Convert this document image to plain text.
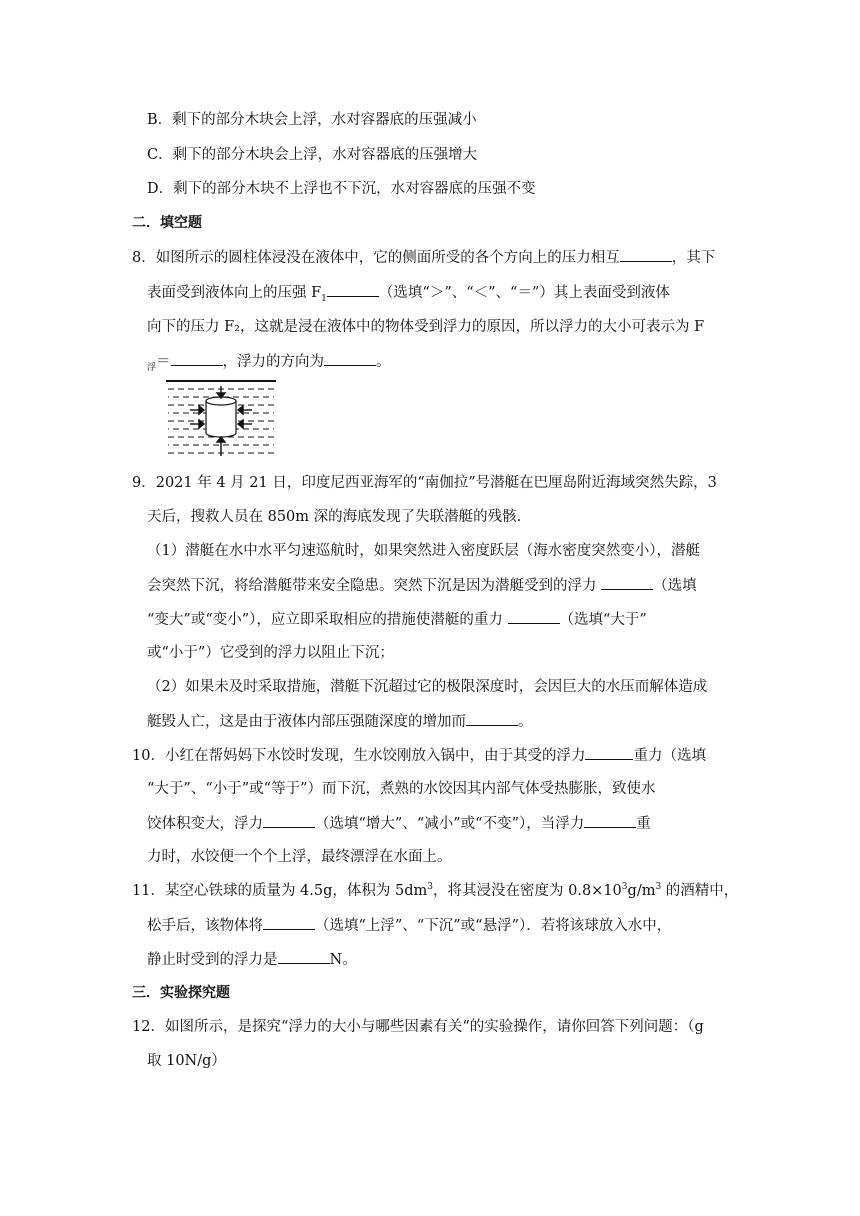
B．剩下的部分木块会上浮，水对容器底的压强减小
C．剩下的部分木块会上浮，水对容器底的压强增大
D．剩下的部分木块不上浮也不下沉，水对容器底的压强不变
二．填空题
8．如图所示的圆柱体浸没在液体中，它的侧面所受的各个方向上的压力相互	，其下
表面受到液体向上的压强 $F_1$	（选填“＞”、“＜”、“＝”）其上表面受到液体
向下的压力 F₂，这就是浸在液体中的物体受到浮力的原因，所以浮力的大小可表示为 F
$_浮$＝	，浮力的方向为	。
9．2021 年 4 月 21 日，印度尼西亚海军的“南伽拉”号潜艇在巴厘岛附近海域突然失踪，3
天后，搜救人员在 850m 深的海底发现了失联潜艇的残骸.
（1）潜艇在水中水平匀速巡航时，如果突然进入密度跃层（海水密度突然变小），潜艇
会突然下沉，将给潜艇带来安全隐患。突然下沉是因为潜艇受到的浮力	（选填
“变大”或“变小”），应立即采取相应的措施使潜艇的重力	（选填“大于”
或“小于”）它受到的浮力以阻止下沉；
（2）如果未及时采取措施，潜艇下沉超过它的极限深度时，会因巨大的水压而解体造成
艇毁人亡，这是由于液体内部压强随深度的增加而	。
10．小红在帮妈妈下水饺时发现，生水饺刚放入锅中，由于其受的浮力	重力（选填
“大于”、“小于”或“等于”）而下沉，煮熟的水饺因其内部气体受热膨胀，致使水
饺体积变大，浮力	（选填“增大”、“减小”或“不变”），当浮力	重
力时，水饺便一个个上浮，最终漂浮在水面上。
11．某空心铁球的质量为 4.5g，体积为 $5dm^3$，将其浸没在密度为 $0.8\times 10^3g/m^3$ 的酒精中，
松手后，该物体将	（选填“上浮”、“下沉”或“悬浮”）．若将该球放入水中，
静止时受到的浮力是	N。
三．实验探究题
12．如图所示，是探究“浮力的大小与哪些因素有关“的实验操作，请你回答下列问题：（g
取 10N/g）
